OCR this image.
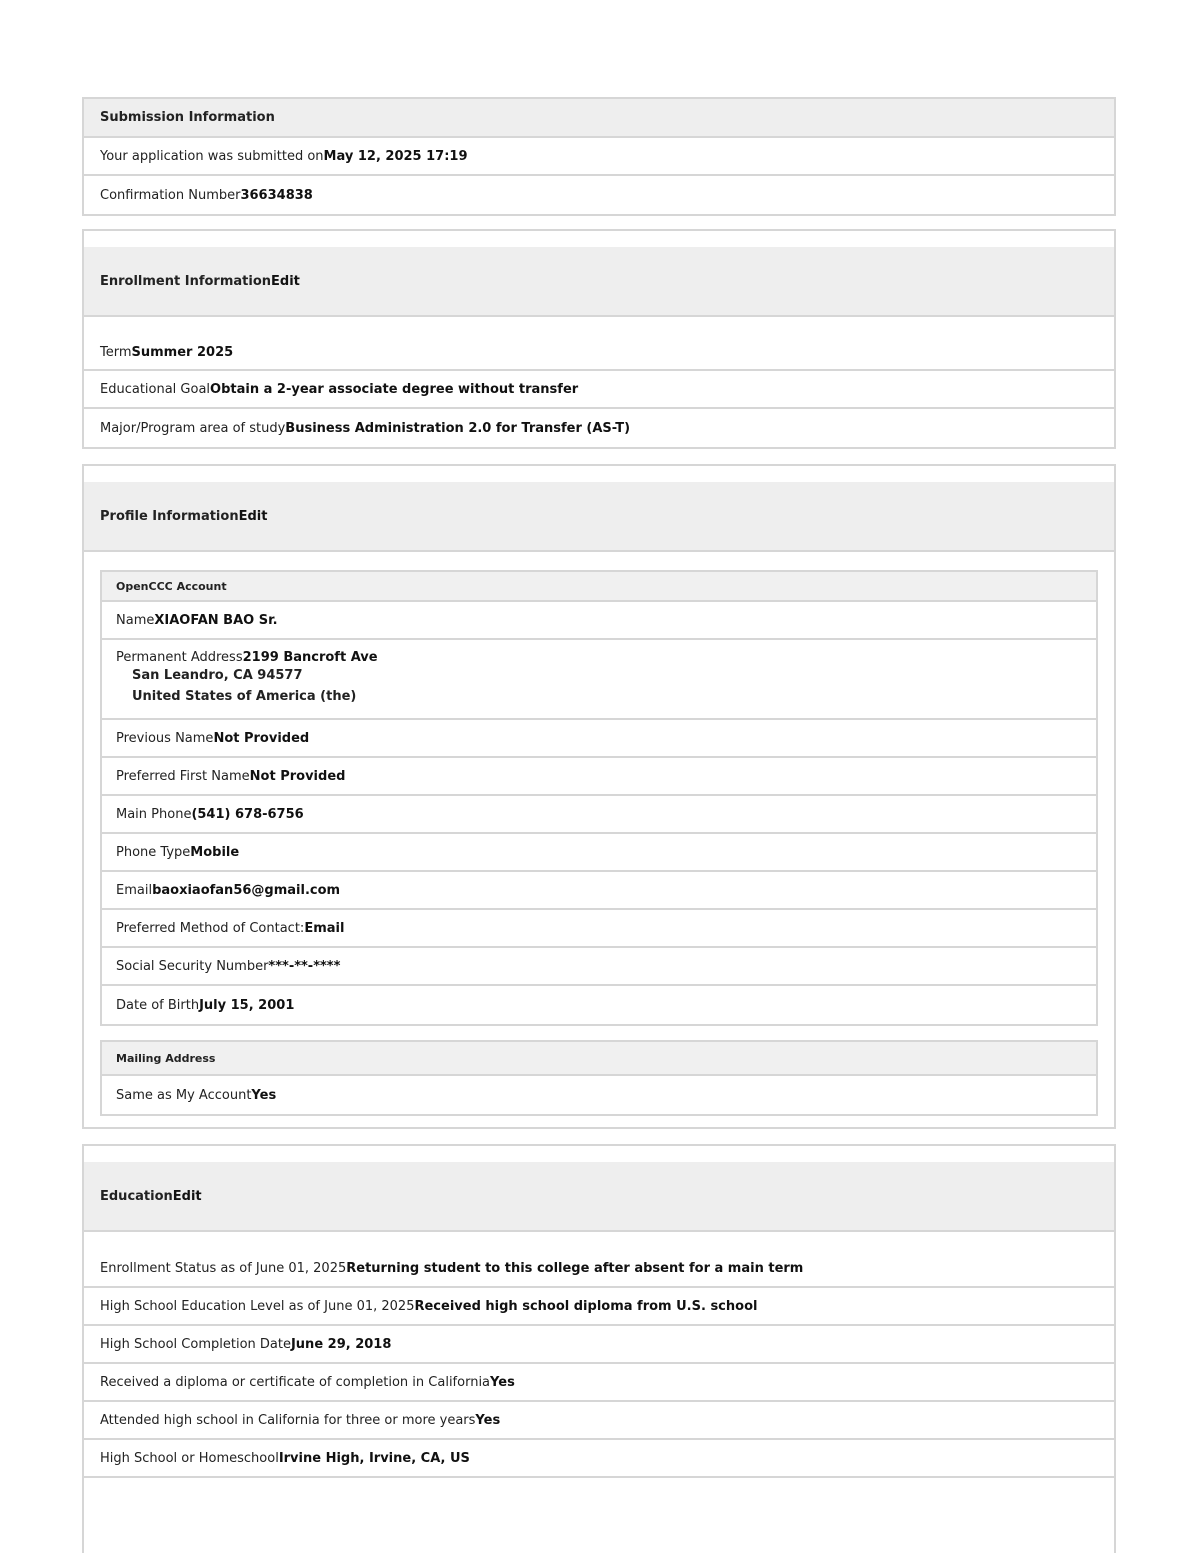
Submission Information
Your application was submitted on May 12, 2025 17:19
Confirmation Number 36634838
Enrollment Information Edit
Term Summer 2025
Educational Goal Obtain a 2-year associate degree without transfer
Major/Program area of study Business Administration 2.0 for Transfer (AS-T)
Profile Information Edit
OpenCCC Account
Name XIAOFAN BAO Sr.
Permanent Address2199 Bancroft Ave
San Leandro, CA 94577
United States of America (the)
Previous Name Not Provided
Preferred First Name Not Provided
Main Phone (541) 678-6756
Phone Type Mobile
Email baoxiaofan56@gmail.com
Preferred Method of Contact: Email
Social Security Number ***-**-****
Date of Birth July 15, 2001
Mailing Address
Same as My Account Yes
Education Edit
Enrollment Status as of June 01, 2025 Returning student to this college after absent for a main term
High School Education Level as of June 01, 2025 Received high school diploma from U.S. school
High School Completion Date June 29, 2018
Received a diploma or certificate of completion in California Yes
Attended high school in California for three or more years Yes
High School or Homeschool Irvine High, Irvine, CA, US
